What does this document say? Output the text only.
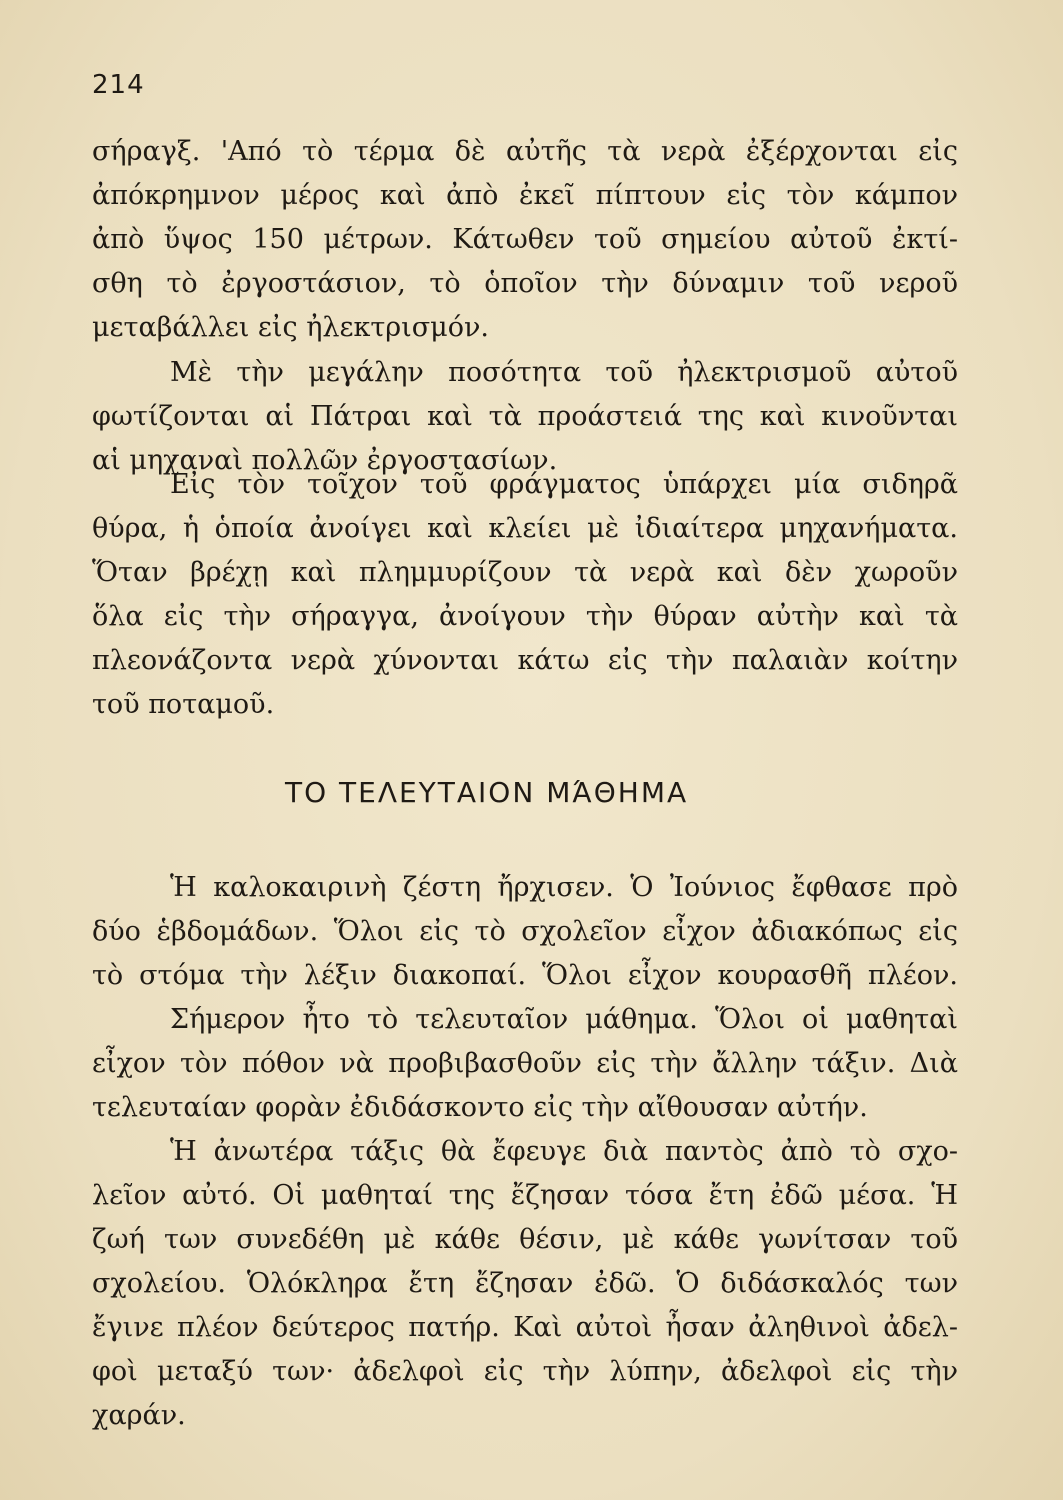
214
σήραγξ. 'Από τὸ τέρμα δὲ αὐτῆς τὰ νερὰ ἐξέρχονται εἰς
ἀπόκρημνον μέρος καὶ ἀπὸ ἐκεῖ πίπτουν εἰς τὸν κάμπον
ἀπὸ ὕψος 150 μέτρων. Κάτωθεν τοῦ σημείου αὐτοῦ ἐκτί-
σθη τὸ ἐργοστάσιον, τὸ ὁποῖον τὴν δύναμιν τοῦ νεροῦ
μεταβάλλει εἰς ἠλεκτρισμόν.
Μὲ τὴν μεγάλην ποσότητα τοῦ ἠλεκτρισμοῦ αὐτοῦ
φωτίζονται αἱ Πάτραι καὶ τὰ προάστειά της καὶ κινοῦνται
αἱ μηχαναὶ πολλῶν ἐργοστασίων.
Εἰς τὸν τοῖχον τοῦ φράγματος ὑπάρχει μία σιδηρᾶ
θύρα, ἡ ὁποία ἀνοίγει καὶ κλείει μὲ ἰδιαίτερα μηχανήματα.
Ὅταν βρέχῃ καὶ πλημμυρίζουν τὰ νερὰ καὶ δὲν χωροῦν
ὅλα εἰς τὴν σήραγγα, ἀνοίγουν τὴν θύραν αὐτὴν καὶ τὰ
πλεονάζοντα νερὰ χύνονται κάτω εἰς τὴν παλαιὰν κοίτην
τοῦ ποταμοῦ.
ΤΟ ΤΕΛΕΥΤΑΙΟΝ ΜΆΘΗΜΑ
Ἡ καλοκαιρινὴ ζέστη ἤρχισεν. Ὁ Ἰούνιος ἔφθασε πρὸ
δύο ἑβδομάδων. Ὅλοι εἰς τὸ σχολεῖον εἶχον ἀδιακόπως εἰς
τὸ στόμα τὴν λέξιν διακοπαί. Ὅλοι εἶχον κουρασθῆ πλέον.
Σήμερον ἦτο τὸ τελευταῖον μάθημα. Ὅλοι οἱ μαθηταὶ
εἶχον τὸν πόθον νὰ προβιβασθοῦν εἰς τὴν ἄλλην τάξιν. Διὰ
τελευταίαν φορὰν ἐδιδάσκοντο εἰς τὴν αἴθουσαν αὐτήν.
Ἡ ἀνωτέρα τάξις θὰ ἔφευγε διὰ παντὸς ἀπὸ τὸ σχο-
λεῖον αὐτό. Οἱ μαθηταί της ἔζησαν τόσα ἔτη ἐδῶ μέσα. Ἡ
ζωή των συνεδέθη μὲ κάθε θέσιν, μὲ κάθε γωνίτσαν τοῦ
σχολείου. Ὁλόκληρα ἔτη ἔζησαν ἐδῶ. Ὁ διδάσκαλός των
ἔγινε πλέον δεύτερος πατήρ. Καὶ αὐτοὶ ἦσαν ἀληθινοὶ ἀδελ-
φοὶ μεταξύ των· ἀδελφοὶ εἰς τὴν λύπην, ἀδελφοὶ εἰς τὴν
χαράν.
